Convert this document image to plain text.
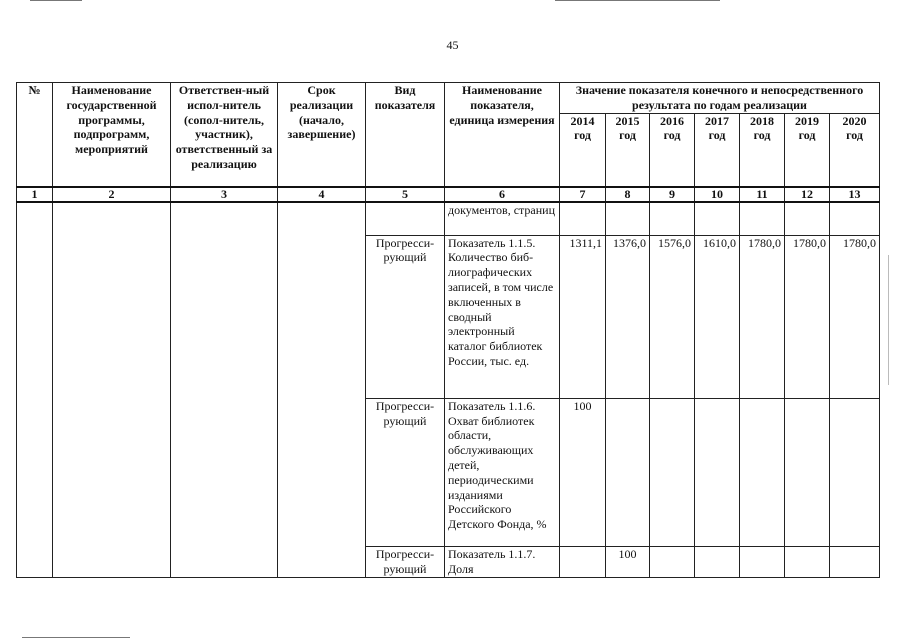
45
№	Наименование государственной программы, подпрограмм, мероприятий	Ответствен-ный испол-нитель (сопол-нитель, участник), ответственный за реализацию	Срок реализации (начало, завершение)	Вид показателя	Наименование показателя, единица измерения	Значение показателя конечного и непосредственного результата по годам реализации						
						2014 год	2015 год	2016 год	2017 год	2018 год	2019 год	2020 год
1	2	3	4	5	6	7	8	9	10	11	12	13
					документов, страниц							
				Прогресси-рующий	Показатель 1.1.5. Количество биб-лиографических записей, в том числе включенных в сводный электронный каталог библиотек России, тыс. ед.	1311,1	1376,0	1576,0	1610,0	1780,0	1780,0	1780,0
				Прогресси-рующий	Показатель 1.1.6. Охват библиотек области, обслуживающих детей, периодическими изданиями Российского Детского Фонда, %	100						
				Прогресси-рующий	Показатель 1.1.7. Доля		100					
